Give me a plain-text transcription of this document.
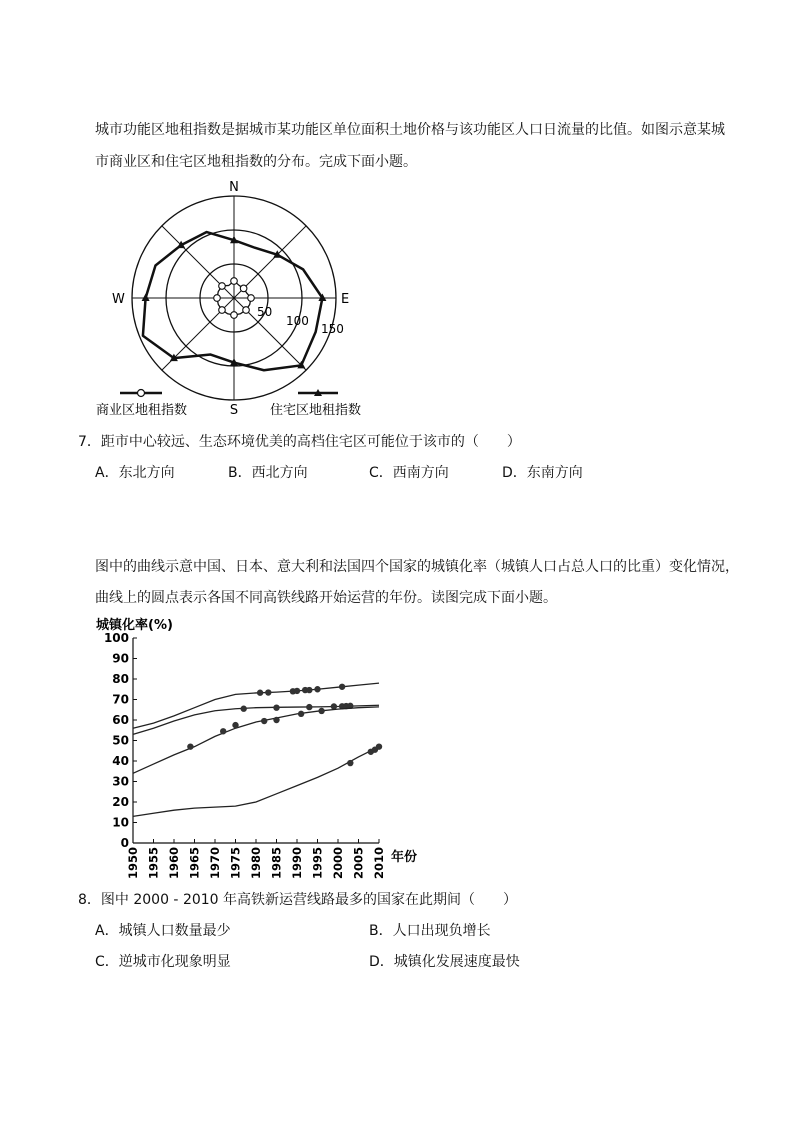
城市功能区地租指数是据城市某功能区单位面积土地价格与该功能区人口日流量的比值。如图示意某城
市商业区和住宅区地租指数的分布。完成下面小题。
N
S
E
W
50
100
150
商业区地租指数	住宅区地租指数
7．距市中心较远、生态环境优美的高档住宅区可能位于该市的（　　）
A．东北方向	B．西北方向	C．西南方向	D．东南方向
图中的曲线示意中国、日本、意大利和法国四个国家的城镇化率（城镇人口占总人口的比重）变化情况，
曲线上的圆点表示各国不同高铁线路开始运营的年份。读图完成下面小题。
城镇化率(%)
年份
0
10
20
30
40
50
60
70
80
90
100
1950 1955 1960 1965 1970 1975 1980 1985 1990 1995 2000 2005 2010
8．图中 2000 - 2010 年高铁新运营线路最多的国家在此期间（　　）
A．城镇人口数量最少	B．人口出现负增长
C．逆城市化现象明显	D．城镇化发展速度最快
